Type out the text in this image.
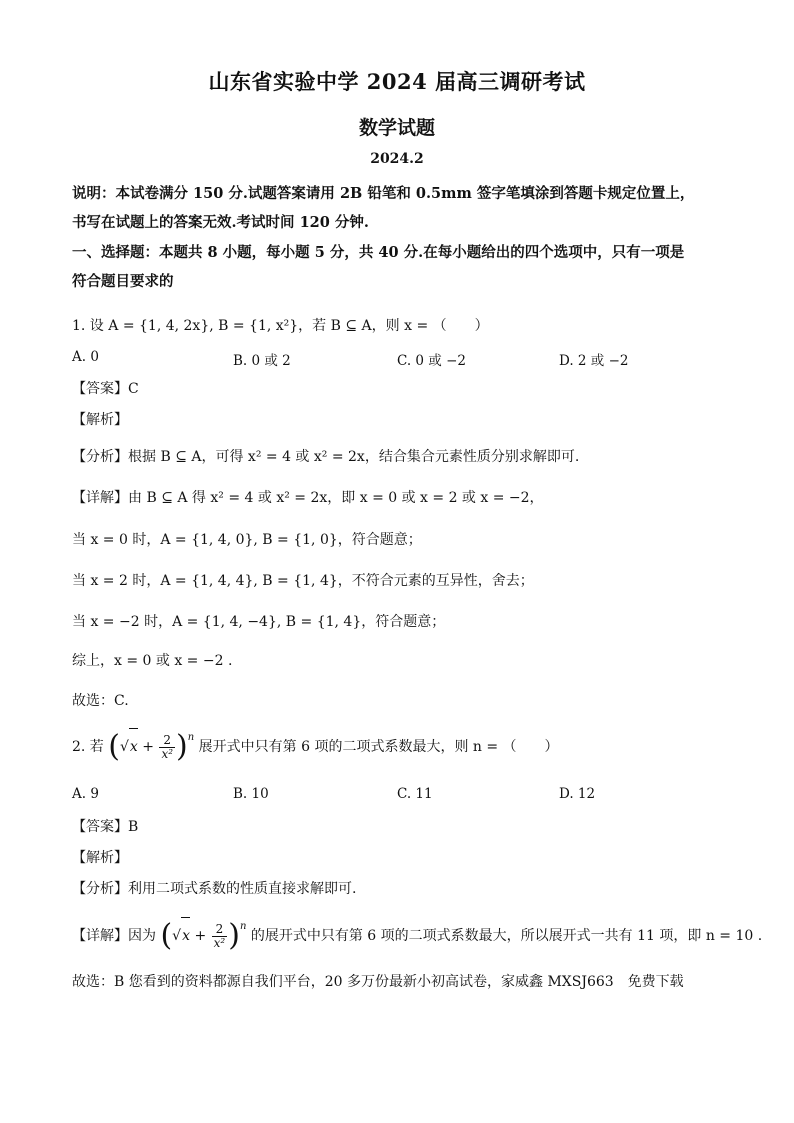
山东省实验中学 2024 届高三调研考试
数学试题
2024.2
说明：本试卷满分 150 分.试题答案请用 2B 铅笔和 0.5mm 签字笔填涂到答题卡规定位置上，
书写在试题上的答案无效.考试时间 120 分钟.
一、选择题：本题共 8 小题，每小题 5 分，共 40 分.在每小题给出的四个选项中，只有一项是
符合题目要求的
1. 设 A = {1, 4, 2x}, B = {1, x²}，若 B ⊆ A，则 x = （　　）
A. 0	B. 0 或 2	C. 0 或 −2	D. 2 或 −2
【答案】C
【解析】
【分析】根据 B ⊆ A，可得 x² = 4 或 x² = 2x，结合集合元素性质分别求解即可.
【详解】由 B ⊆ A 得 x² = 4 或 x² = 2x，即 x = 0 或 x = 2 或 x = −2，
当 x = 0 时，A = {1, 4, 0}, B = {1, 0}，符合题意；
当 x = 2 时，A = {1, 4, 4}, B = {1, 4}，不符合元素的互异性，舍去；
当 x = −2 时，A = {1, 4, −4}, B = {1, 4}，符合题意；
综上，x = 0 或 x = −2 .
故选：C.
2. 若 $(√x + \frac{2}{\text{x²}} )^n$ 展开式中只有第 6 项的二项式系数最大，则 n = （　　）
A. 9	B. 10	C. 11	D. 12
【答案】B
【解析】
【分析】利用二项式系数的性质直接求解即可.
【详解】因为 $(√x + \frac{2}{\text{x²}} )^n$ 的展开式中只有第 6 项的二项式系数最大，所以展开式一共有 11 项，即 n = 10 .
故选：B 您看到的资料都源自我们平台，20 多万份最新小初高试卷，家威鑫 MXSJ663　免费下载
